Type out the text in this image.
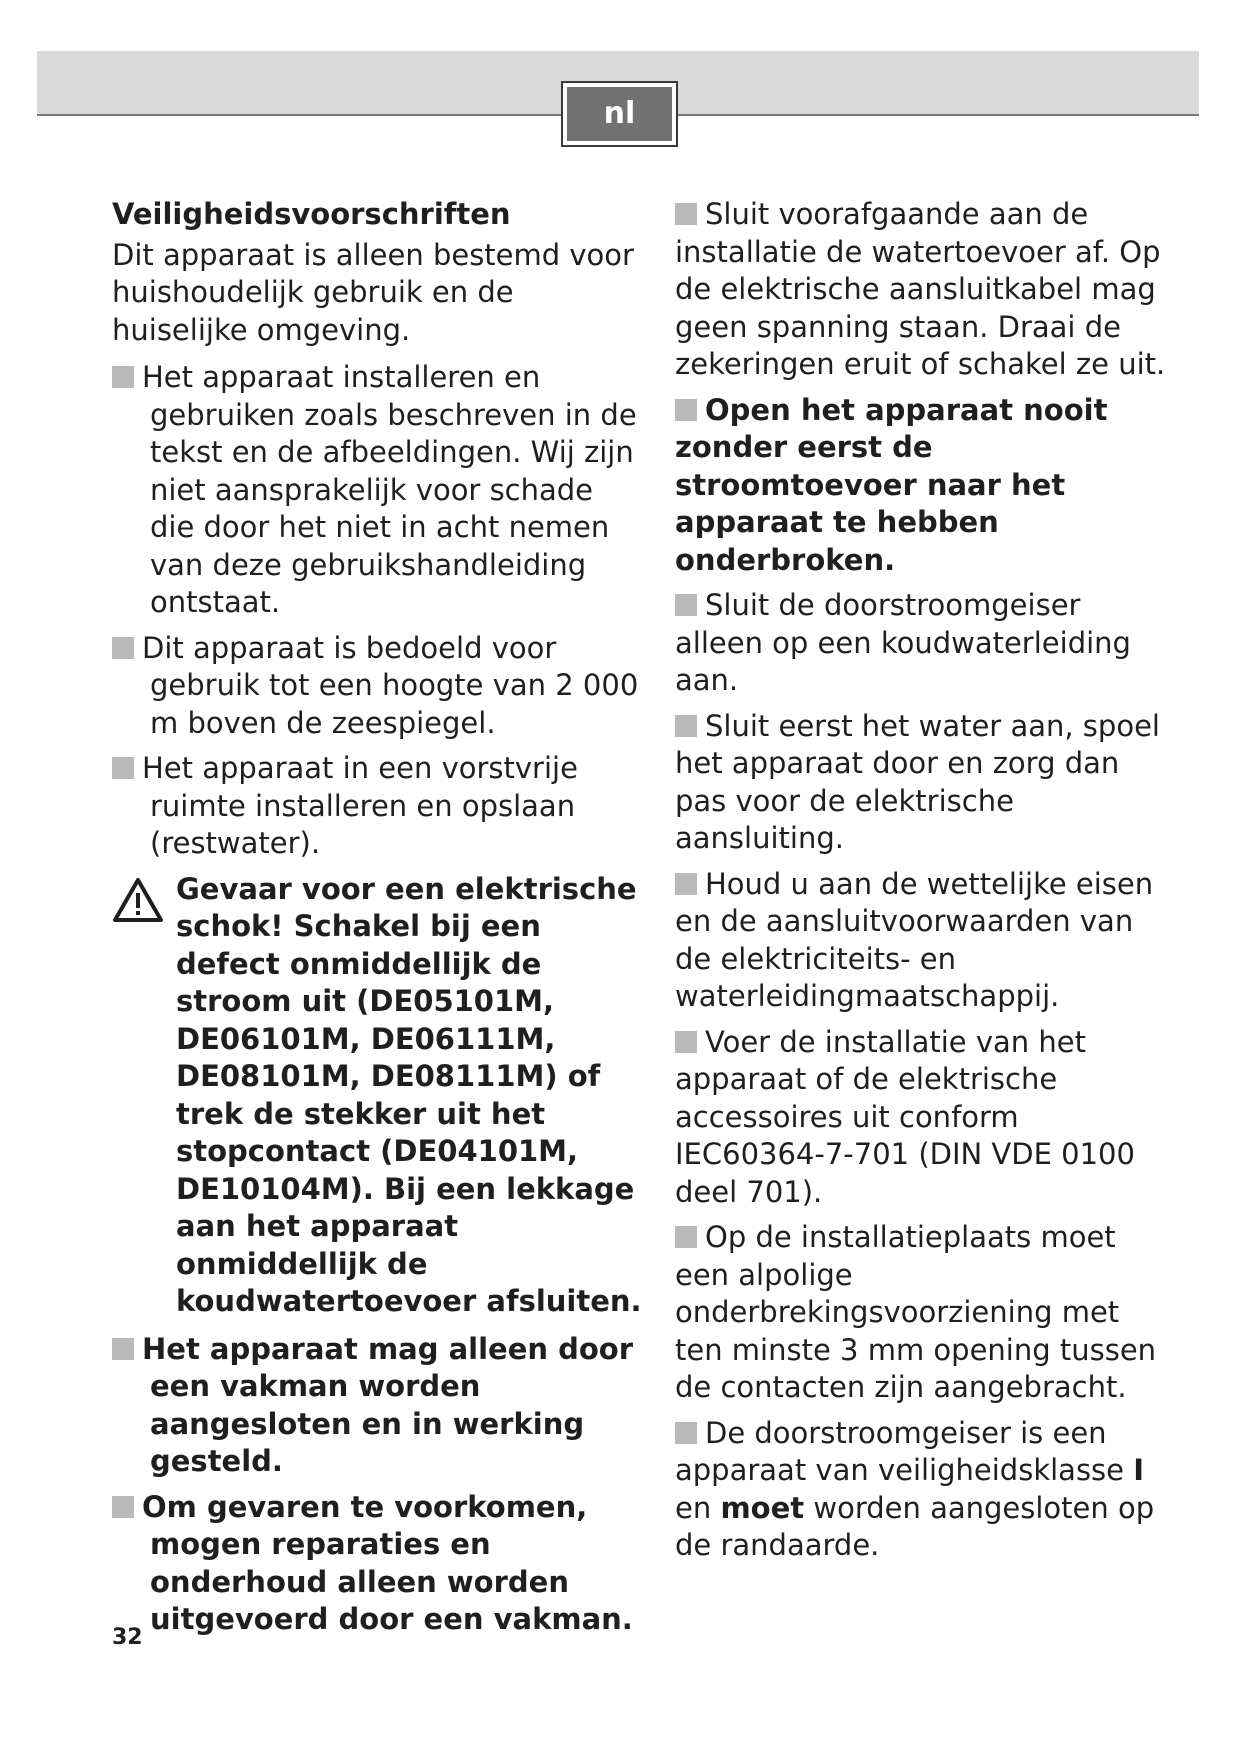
nl
Veiligheidsvoorschriften

Dit apparaat is alleen bestemd voor huishoudelijk gebruik en de huiselijke omgeving.

Het apparaat installeren en gebruiken zoals beschreven in de tekst en de afbeeldingen. Wij zijn niet aansprakelijk voor schade die door het niet in acht nemen van deze gebruikshandleiding ontstaat.
Dit apparaat is bedoeld voor gebruik tot een hoogte van 2 000 m boven de zeespiegel.
Het apparaat in een vorstvrije ruimte installeren en opslaan (restwater).
Gevaar voor een elektrische schok! Schakel bij een defect onmiddellijk de stroom uit (DE05101M, DE06101M, DE06111M, DE08101M, DE08111M) of trek de stekker uit het stopcontact (DE04101M, DE10104M). Bij een lekkage aan het apparaat onmiddellijk de koudwatertoevoer afsluiten.
Het apparaat mag alleen door een vakman worden aangesloten en in werking gesteld.
Om gevaren te voorkomen, mogen reparaties en onderhoud alleen worden uitgevoerd door een vakman.
Sluit voorafgaande aan de installatie de watertoevoer af. Op de elektrische aansluitkabel mag geen spanning staan. Draai de zekeringen eruit of schakel ze uit.
Open het apparaat nooit zonder eerst de stroomtoevoer naar het apparaat te hebben onderbroken.
Sluit de doorstroomgeiser alleen op een koudwaterleiding aan.
Sluit eerst het water aan, spoel het apparaat door en zorg dan pas voor de elektrische aansluiting.
Houd u aan de wettelijke eisen en de aansluitvoorwaarden van de elektriciteits- en waterleidingmaatschappij.
Voer de installatie van het apparaat of de elektrische accessoires uit conform IEC60364-7-701 (DIN VDE 0100 deel 701).
Op de installatieplaats moet een alpolige onderbrekingsvoorziening met ten minste 3 mm opening tussen de contacten zijn aangebracht.
De doorstroomgeiser is een apparaat van veiligheidsklasse I en moet worden aangesloten op de randaarde.
32
